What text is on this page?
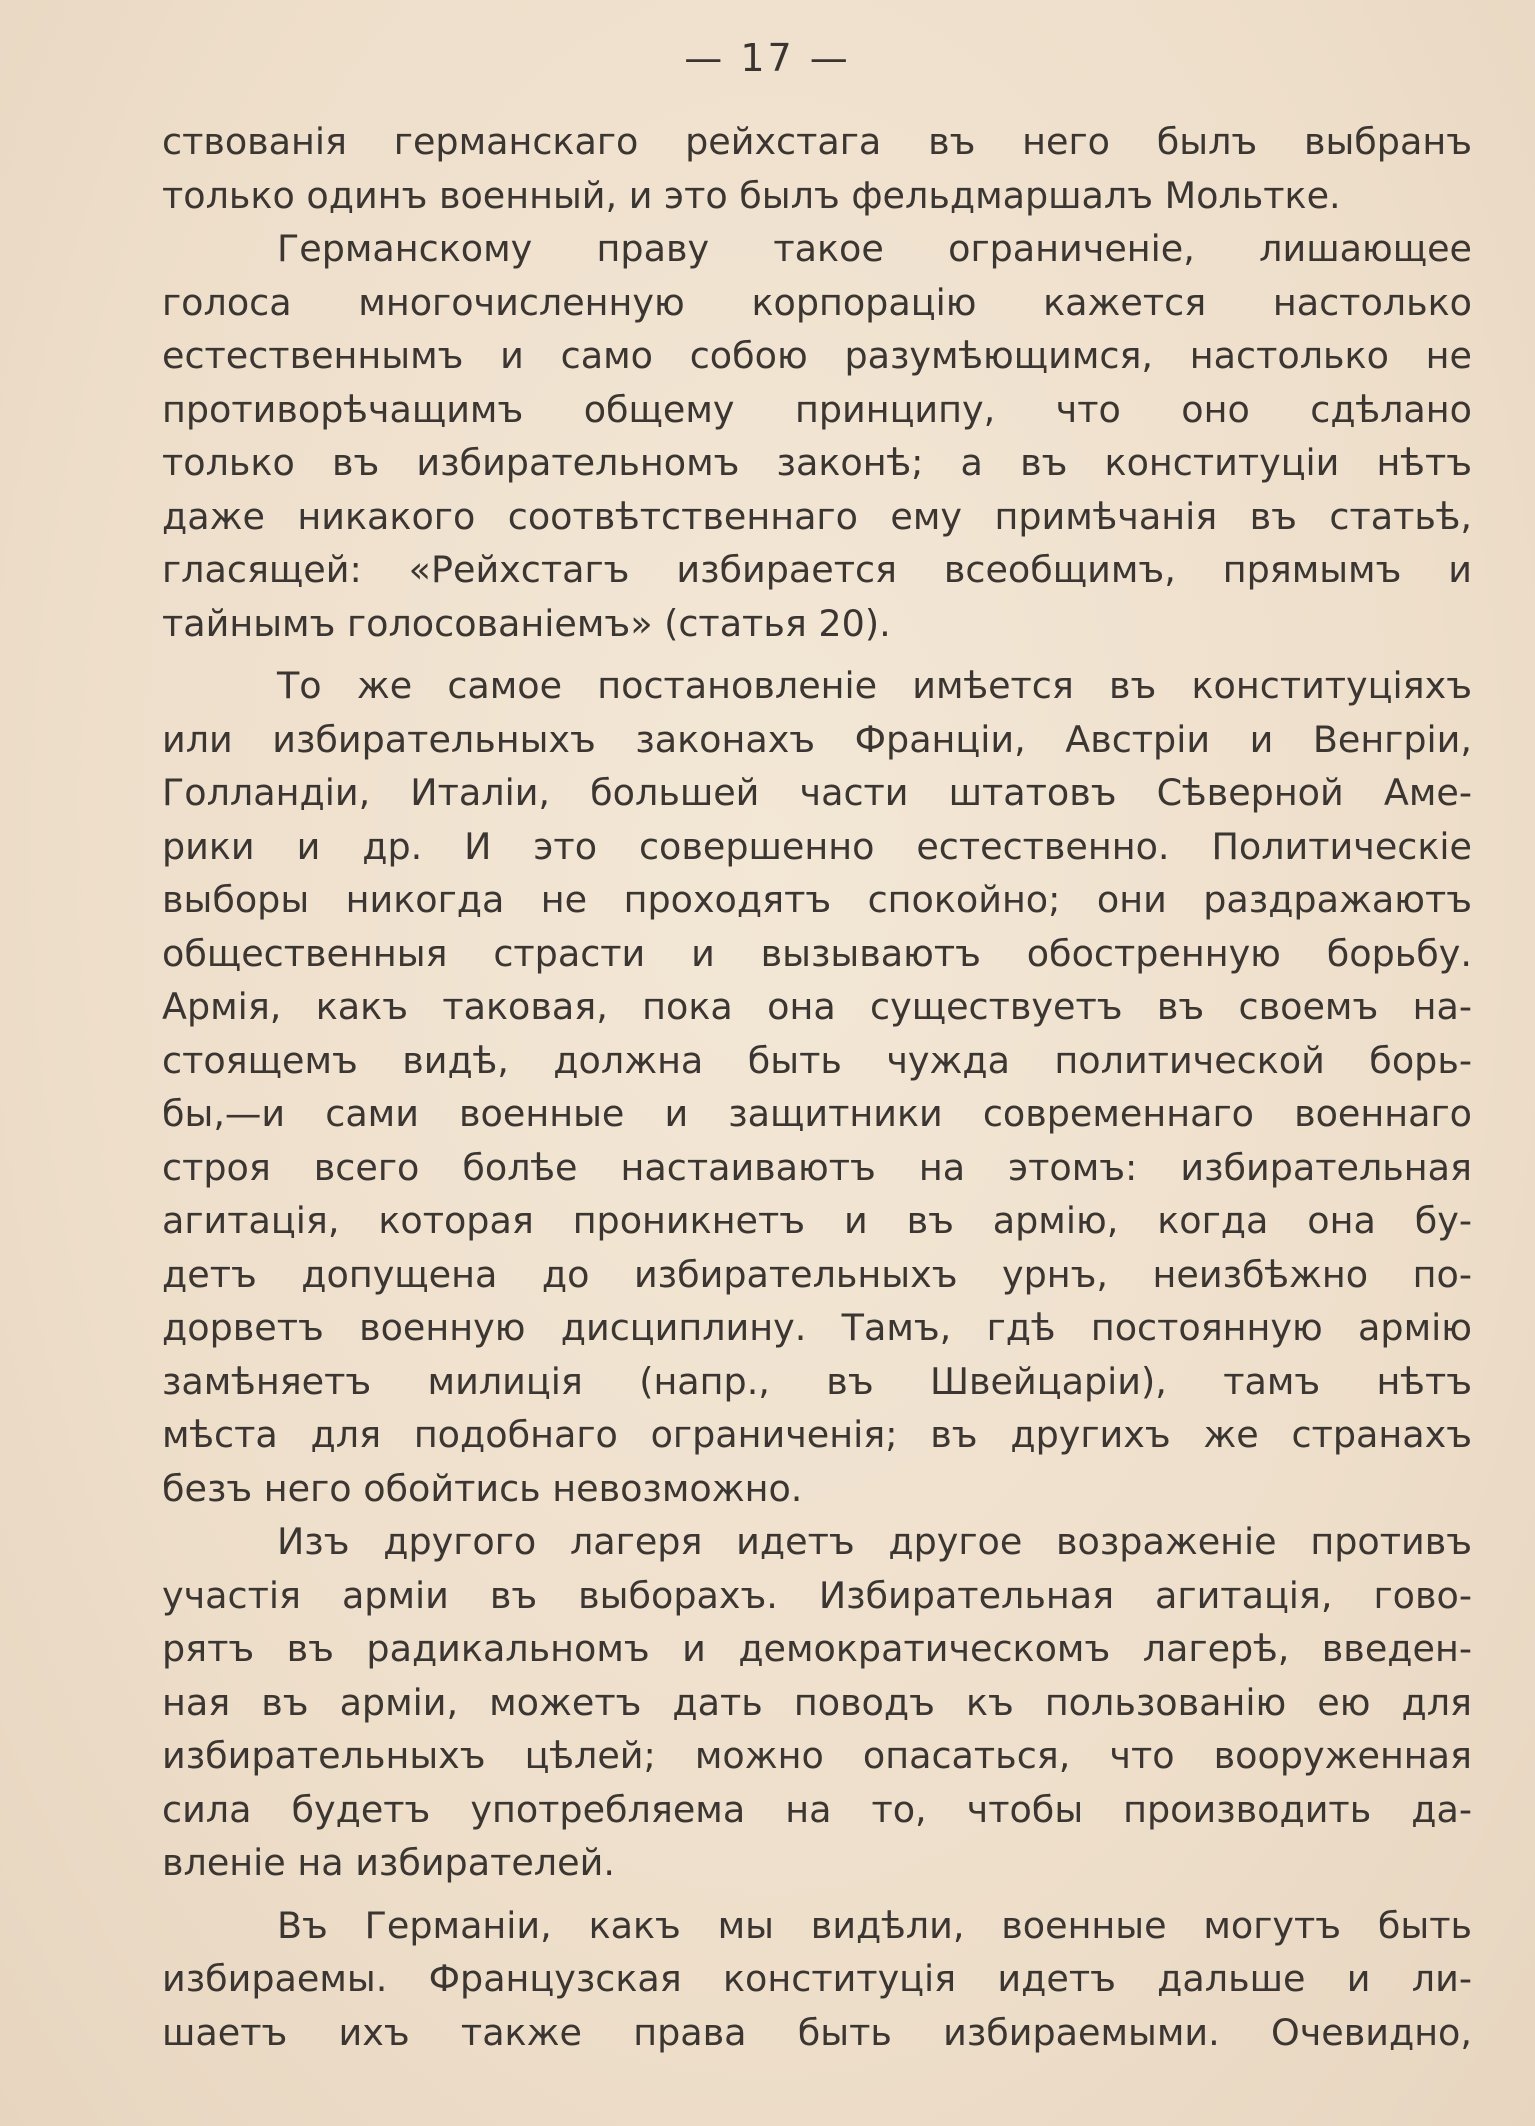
— 17 —
ствованія германскаго рейхстага въ него былъ выбранъ
только одинъ военный, и это былъ фельдмаршалъ Мольтке.
Германскому праву такое ограниченіе, лишающее
голоса многочисленную корпорацію кажется настолько
естественнымъ и само собою разумѣющимся, настолько не
противорѣчащимъ общему принципу, что оно сдѣлано
только въ избирательномъ законѣ; а въ конституціи нѣтъ
даже никакого соотвѣтственнаго ему примѣчанія въ статьѣ,
гласящей: «Рейхстагъ избирается всеобщимъ, прямымъ и
тайнымъ голосованіемъ» (статья 20).
То же самое постановленіе имѣется въ конституціяхъ
или избирательныхъ законахъ Франціи, Австріи и Венгріи,
Голландіи, Италіи, большей части штатовъ Сѣверной Аме-
рики и др. И это совершенно естественно. Политическіе
выборы никогда не проходятъ спокойно; они раздражаютъ
общественныя страсти и вызываютъ обостренную борьбу.
Армія, какъ таковая, пока она существуетъ въ своемъ на-
стоящемъ видѣ, должна быть чужда политической борь-
бы,—и сами военные и защитники современнаго военнаго
строя всего болѣе настаиваютъ на этомъ: избирательная
агитація, которая проникнетъ и въ армію, когда она бу-
детъ допущена до избирательныхъ урнъ, неизбѣжно по-
дорветъ военную дисциплину. Тамъ, гдѣ постоянную армію
замѣняетъ милиція (напр., въ Швейцаріи), тамъ нѣтъ
мѣста для подобнаго ограниченія; въ другихъ же странахъ
безъ него обойтись невозможно.
Изъ другого лагеря идетъ другое возраженіе противъ
участія арміи въ выборахъ. Избирательная агитація, гово-
рятъ въ радикальномъ и демократическомъ лагерѣ, введен-
ная въ арміи, можетъ дать поводъ къ пользованію ею для
избирательныхъ цѣлей; можно опасаться, что вооруженная
сила будетъ употребляема на то, чтобы производить да-
вленіе на избирателей.
Въ Германіи, какъ мы видѣли, военные могутъ быть
избираемы. Французская конституція идетъ дальше и ли-
шаетъ ихъ также права быть избираемыми. Очевидно,
